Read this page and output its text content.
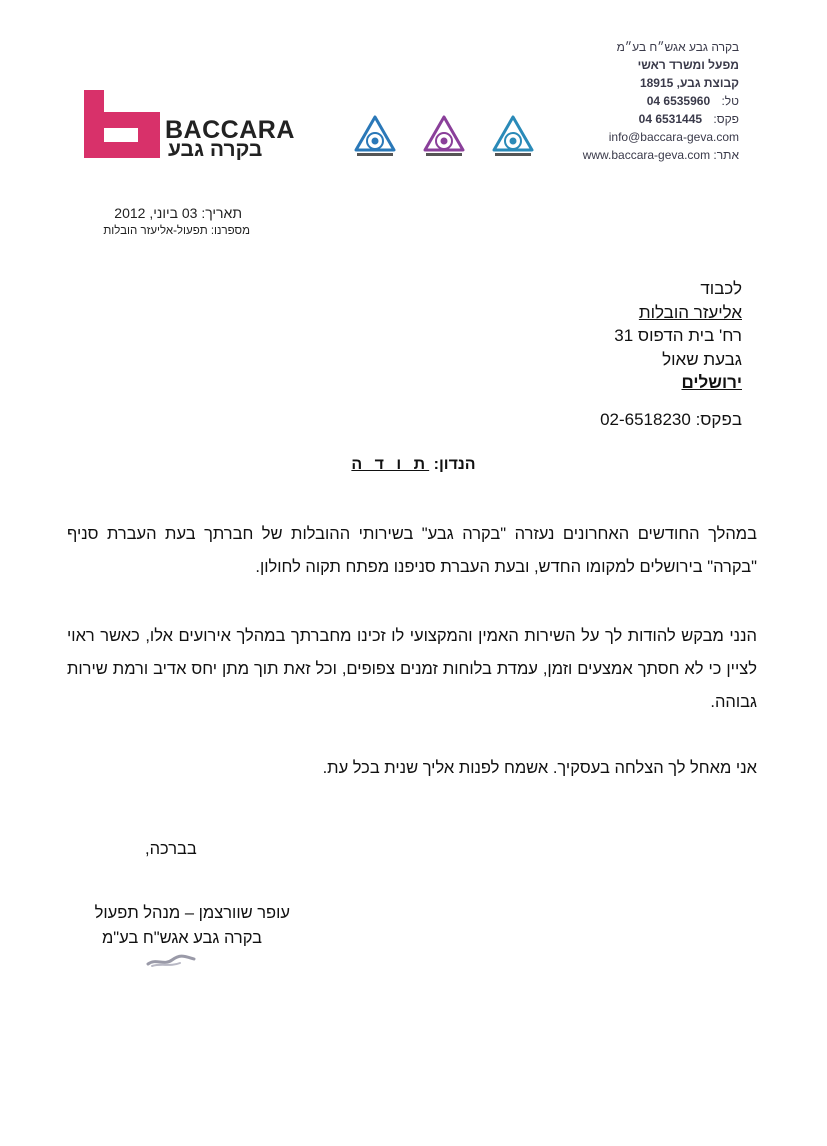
בקרה גבע אגש״ח בע״מ
מפעל ומשרד ראשי
קבוצת גבע, 18915
טל: 04 6535960
פקס: 04 6531445
info@baccara-geva.com
אתר: www.baccara-geva.com
BACCARA
בקרה גבע
תאריך: 03 ביוני, 2012
מספרנו: תפעול-אליעזר הובלות
לכבוד
אליעזר הובלות
רח' בית הדפוס 31
גבעת שאול
ירושלים
בפקס: 02-6518230
הנדון: ת ו ד ה
במהלך החודשים האחרונים נעזרה "בקרה גבע" בשירותי ההובלות של חברתך בעת העברת סניף "בקרה" בירושלים למקומו החדש, ובעת העברת סניפנו מפתח תקוה לחולון.
הנני מבקש להודות לך על השירות האמין והמקצועי לו זכינו מחברתך במהלך אירועים אלו, כאשר ראוי לציין כי לא חסתך אמצעים וזמן, עמדת בלוחות זמנים צפופים, וכל זאת תוך מתן יחס אדיב ורמת שירות גבוהה.
אני מאחל לך הצלחה בעסקיך. אשמח לפנות אליך שנית בכל עת.
בברכה,
עופר שוורצמן – מנהל תפעול
בקרה גבע אגש"ח בע"מ
